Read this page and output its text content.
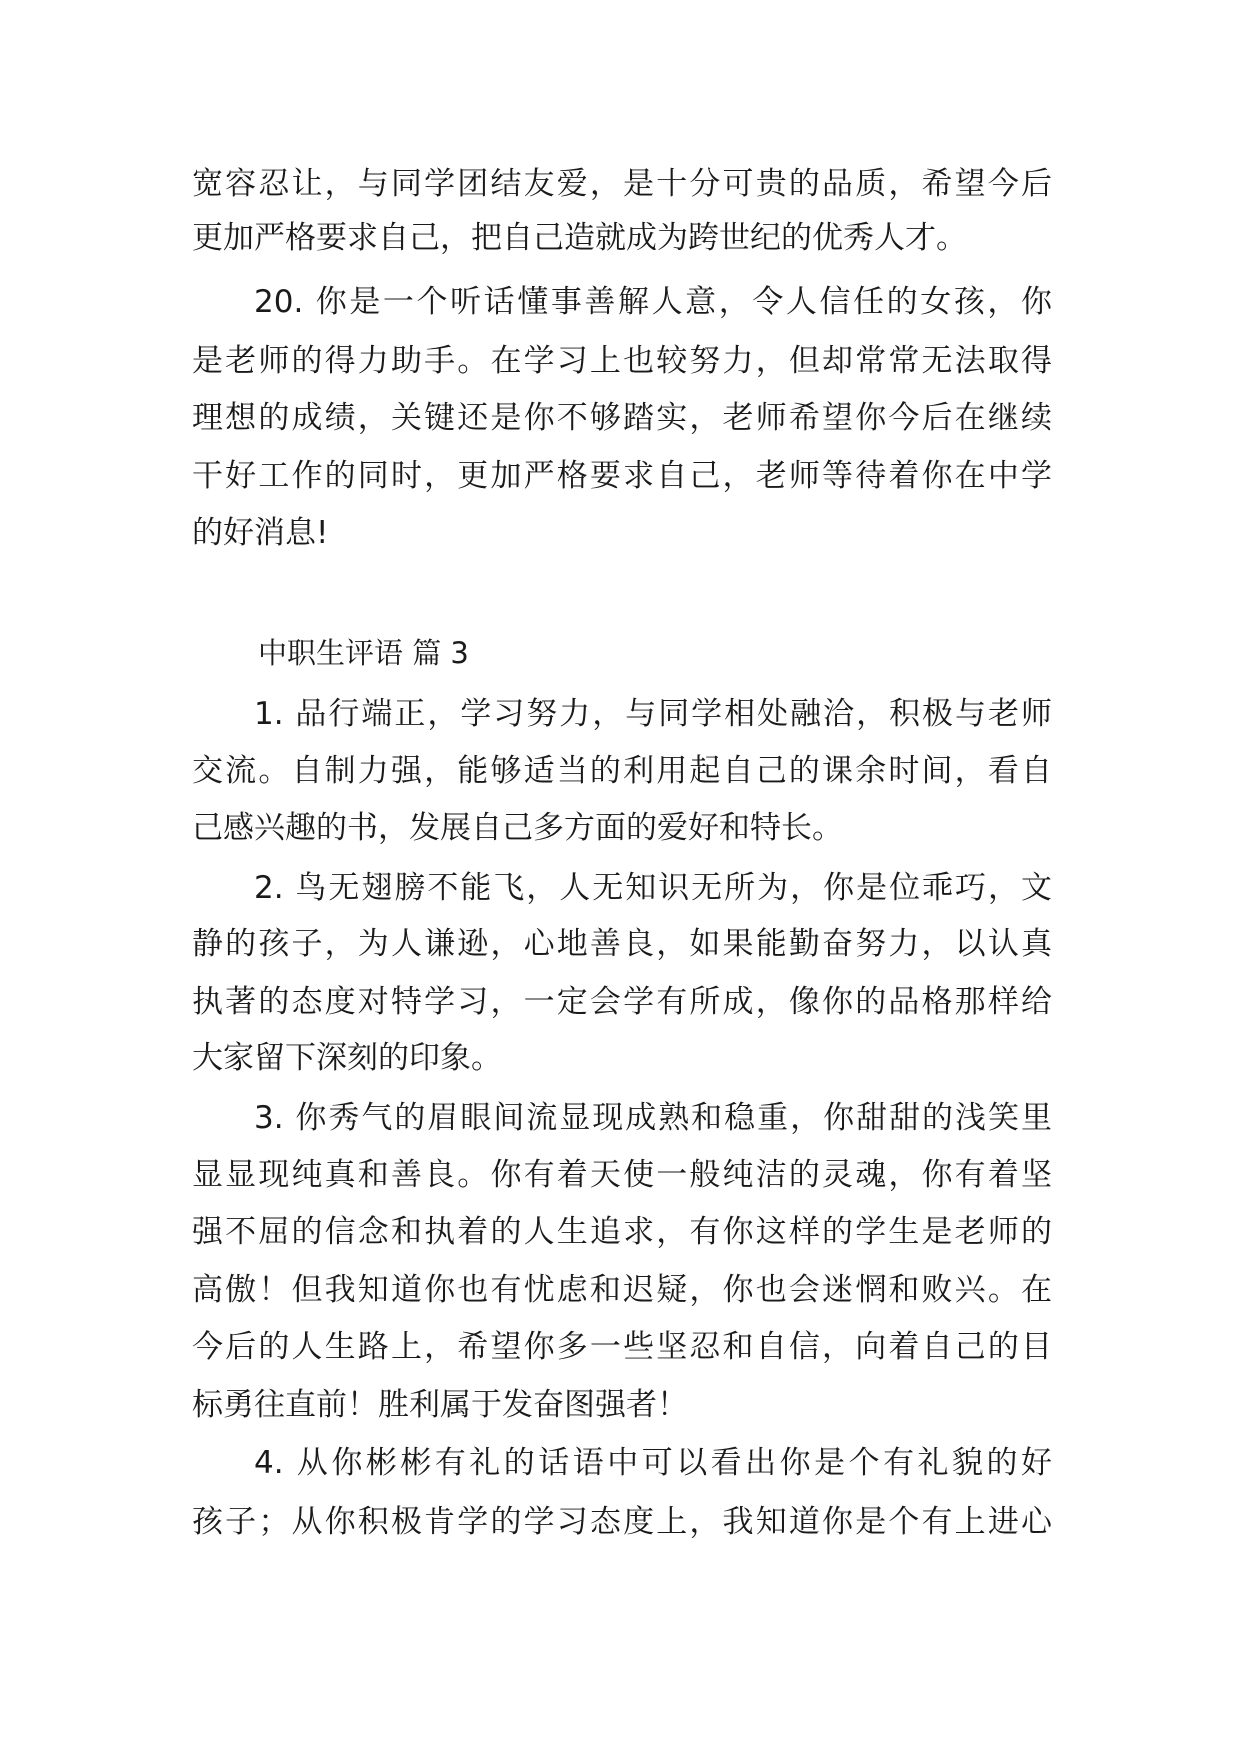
宽容忍让，与同学团结友爱，是十分可贵的品质，希望今后
更加严格要求自己，把自己造就成为跨世纪的优秀人才。
20. 你是一个听话懂事善解人意，令人信任的女孩，你
是老师的得力助手。在学习上也较努力，但却常常无法取得
理想的成绩，关键还是你不够踏实，老师希望你今后在继续
干好工作的同时，更加严格要求自己，老师等待着你在中学
的好消息!
中职生评语 篇 3
1. 品行端正，学习努力，与同学相处融洽，积极与老师
交流。自制力强，能够适当的利用起自己的课余时间，看自
己感兴趣的书，发展自己多方面的爱好和特长。
2. 鸟无翅膀不能飞，人无知识无所为，你是位乖巧，文
静的孩子，为人谦逊，心地善良，如果能勤奋努力，以认真
执著的态度对特学习，一定会学有所成，像你的品格那样给
大家留下深刻的印象。
3. 你秀气的眉眼间流显现成熟和稳重，你甜甜的浅笑里
显显现纯真和善良。你有着天使一般纯洁的灵魂，你有着坚
强不屈的信念和执着的人生追求，有你这样的学生是老师的
高傲！但我知道你也有忧虑和迟疑，你也会迷惘和败兴。在
今后的人生路上，希望你多一些坚忍和自信，向着自己的目
标勇往直前！胜利属于发奋图强者！
4. 从你彬彬有礼的话语中可以看出你是个有礼貌的好
孩子；从你积极肯学的学习态度上，我知道你是个有上进心
